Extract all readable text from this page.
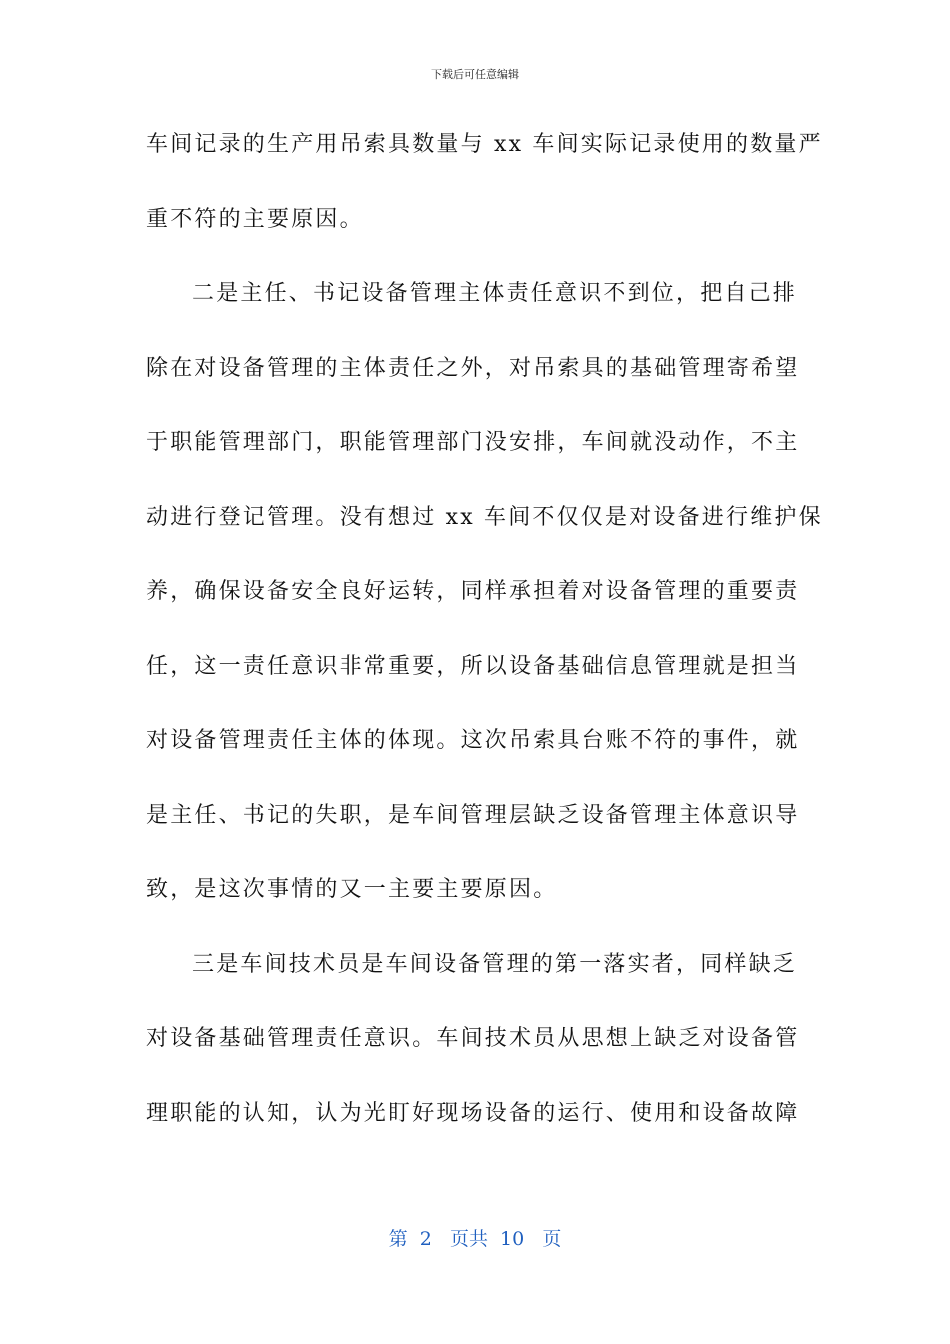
下载后可任意编辑
车间记录的生产用吊索具数量与 xx 车间实际记录使用的数量严
重不符的主要原因。
二是主任、书记设备管理主体责任意识不到位，把自己排
除在对设备管理的主体责任之外，对吊索具的基础管理寄希望
于职能管理部门，职能管理部门没安排，车间就没动作，不主
动进行登记管理。没有想过 xx 车间不仅仅是对设备进行维护保
养，确保设备安全良好运转，同样承担着对设备管理的重要责
任，这一责任意识非常重要，所以设备基础信息管理就是担当
对设备管理责任主体的体现。这次吊索具台账不符的事件，就
是主任、书记的失职，是车间管理层缺乏设备管理主体意识导
致，是这次事情的又一主要主要原因。
三是车间技术员是车间设备管理的第一落实者，同样缺乏
对设备基础管理责任意识。车间技术员从思想上缺乏对设备管
理职能的认知，认为光盯好现场设备的运行、使用和设备故障
第  2   页共  10   页
